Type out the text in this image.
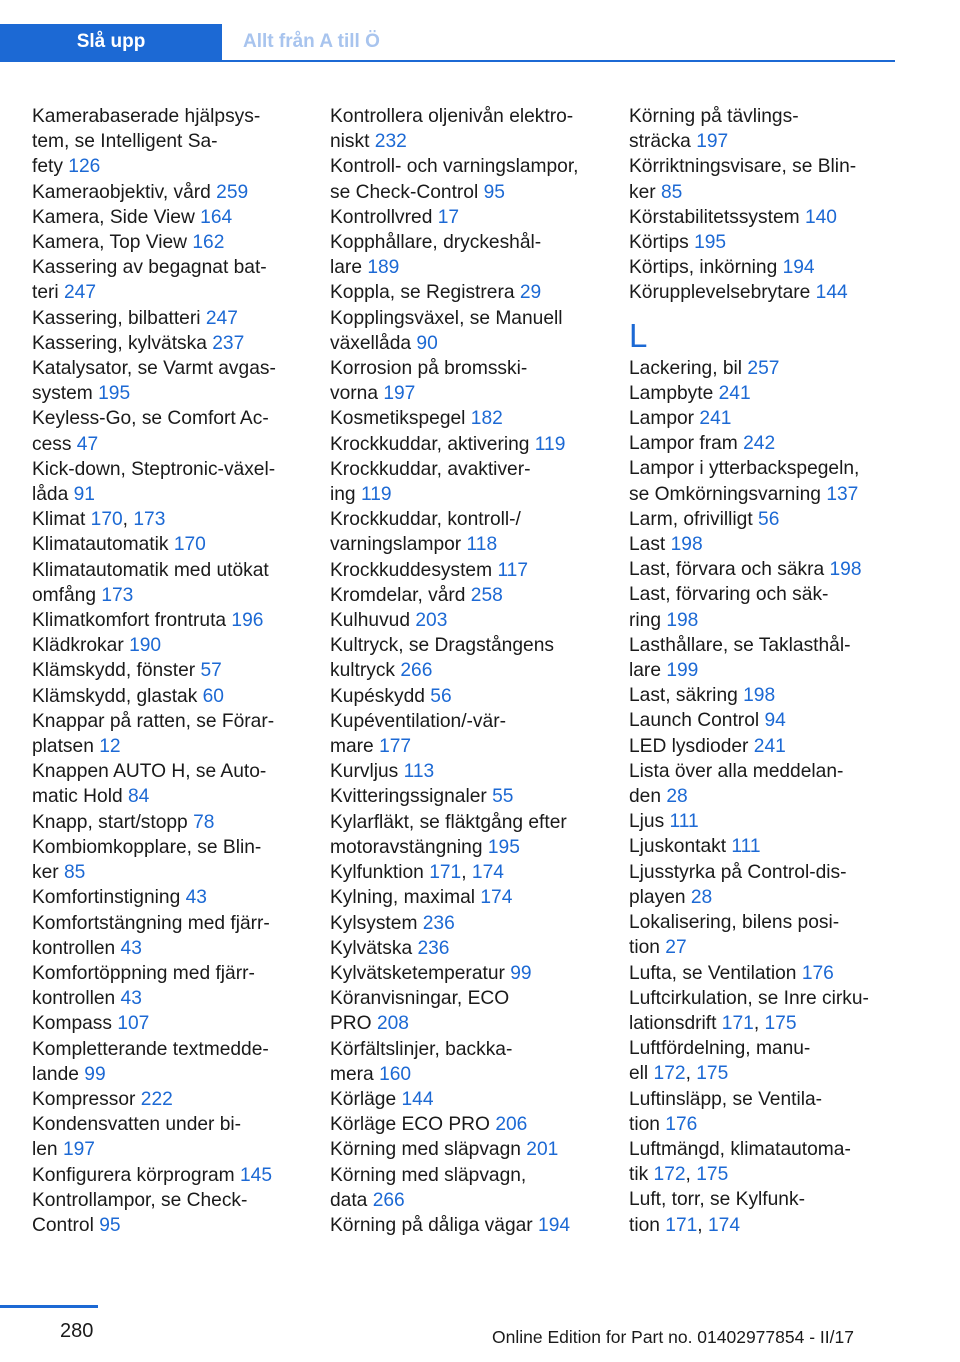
Slå upp	Allt från A till Ö
Kamerabaserade hjälpsys-
tem, se Intelligent Sa-
fety 126
Kameraobjektiv, vård 259
Kamera, Side View 164
Kamera, Top View 162
Kassering av begagnat bat-
teri 247
Kassering, bilbatteri 247
Kassering, kylvätska 237
Katalysator, se Varmt avgas-
system 195
Keyless-Go, se Comfort Ac-
cess 47
Kick-down, Steptronic-växel-
låda 91
Klimat 170, 173
Klimatautomatik 170
Klimatautomatik med utökat
omfång 173
Klimatkomfort frontruta 196
Klädkrokar 190
Klämskydd, fönster 57
Klämskydd, glastak 60
Knappar på ratten, se Förar-
platsen 12
Knappen AUTO H, se Auto-
matic Hold 84
Knapp, start/stopp 78
Kombiomkopplare, se Blin-
ker 85
Komfortinstigning 43
Komfortstängning med fjärr-
kontrollen 43
Komfortöppning med fjärr-
kontrollen 43
Kompass 107
Kompletterande textmedde-
lande 99
Kompressor 222
Kondensvatten under bi-
len 197
Konfigurera körprogram 145
Kontrollampor, se Check-
Control 95
Kontrollera oljenivån elektro-
niskt 232
Kontroll- och varningslampor,
se Check-Control 95
Kontrollvred 17
Kopphållare, dryckeshål-
lare 189
Koppla, se Registrera 29
Kopplingsväxel, se Manuell
växellåda 90
Korrosion på bromsski-
vorna 197
Kosmetikspegel 182
Krockkuddar, aktivering 119
Krockkuddar, avaktiver-
ing 119
Krockkuddar, kontroll-/
varningslampor 118
Krockkuddesystem 117
Kromdelar, vård 258
Kulhuvud 203
Kultryck, se Dragstångens
kultryck 266
Kupéskydd 56
Kupéventilation/-vär-
mare 177
Kurvljus 113
Kvitteringssignaler 55
Kylarfläkt, se fläktgång efter
motoravstängning 195
Kylfunktion 171, 174
Kylning, maximal 174
Kylsystem 236
Kylvätska 236
Kylvätsketemperatur 99
Köranvisningar, ECO
PRO 208
Körfältslinjer, backka-
mera 160
Körläge 144
Körläge ECO PRO 206
Körning med släpvagn 201
Körning med släpvagn,
data 266
Körning på dåliga vägar 194
Körning på tävlings-
sträcka 197
Körriktningsvisare, se Blin-
ker 85
Körstabilitetssystem 140
Körtips 195
Körtips, inkörning 194
Körupplevelsebrytare 144
L
Lackering, bil 257
Lampbyte 241
Lampor 241
Lampor fram 242
Lampor i ytterbackspegeln,
se Omkörningsvarning 137
Larm, ofrivilligt 56
Last 198
Last, förvara och säkra 198
Last, förvaring och säk-
ring 198
Lasthållare, se Taklasthål-
lare 199
Last, säkring 198
Launch Control 94
LED lysdioder 241
Lista över alla meddelan-
den 28
Ljus 111
Ljuskontakt 111
Ljusstyrka på Control-dis-
playen 28
Lokalisering, bilens posi-
tion 27
Lufta, se Ventilation 176
Luftcirkulation, se Inre cirku-
lationsdrift 171, 175
Luftfördelning, manu-
ell 172, 175
Luftinsläpp, se Ventila-
tion 176
Luftmängd, klimatautoma-
tik 172, 175
Luft, torr, se Kylfunk-
tion 171, 174
280	Online Edition for Part no. 01402977854 - II/17
